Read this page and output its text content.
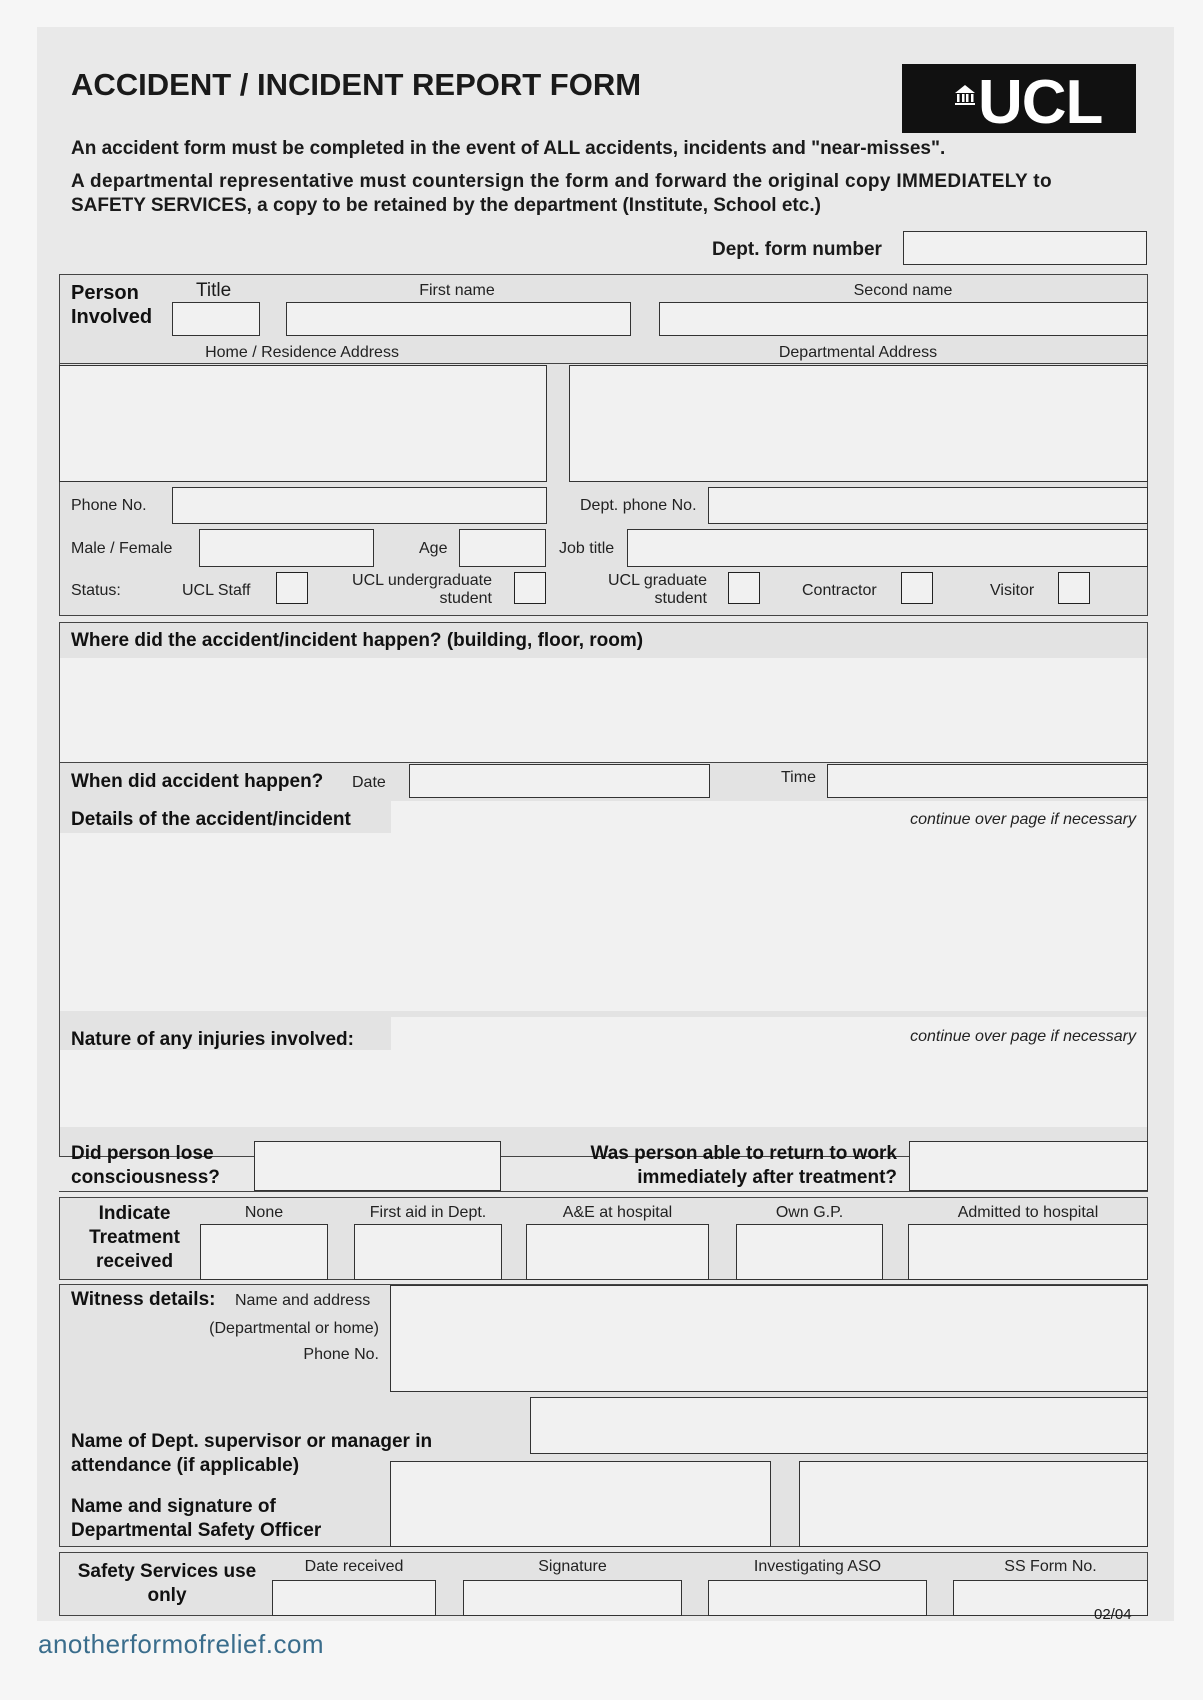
ACCIDENT / INCIDENT REPORT FORM	UCL
An accident form must be completed in the event of ALL accidents, incidents and "near-misses".
A departmental representative must countersign the form and forward the original copy IMMEDIATELY to
SAFETY SERVICES, a copy to be retained by the department (Institute, School etc.)
Dept. form number
Person
Involved
Title	First name	Second name
Home / Residence Address	Departmental Address
Phone No.	Dept. phone No.
Male / Female	Age	Job title
Status:	UCL Staff
UCL undergraduate
student
UCL graduate
student	Contractor	Visitor
Where did the accident/incident happen? (building, floor, room)
When did accident happen? Date	Time
Details of the accident/incident	continue over page if necessary
Nature of any injuries involved:	continue over page if necessary
Did person lose
consciousness?
Was person able to return to work
immediately after treatment?
Indicate
Treatment
received
None	First aid in Dept.	A&E at hospital	Own G.P.	Admitted to hospital
Witness details: Name and address
(Departmental or home)
Phone No.
Name of Dept. supervisor or manager in
attendance (if applicable)
Name and signature of
Departmental Safety Officer
Safety Services use
only
Date received	Signature	Investigating ASO	SS Form No.
02/04
anotherformofrelief.com
